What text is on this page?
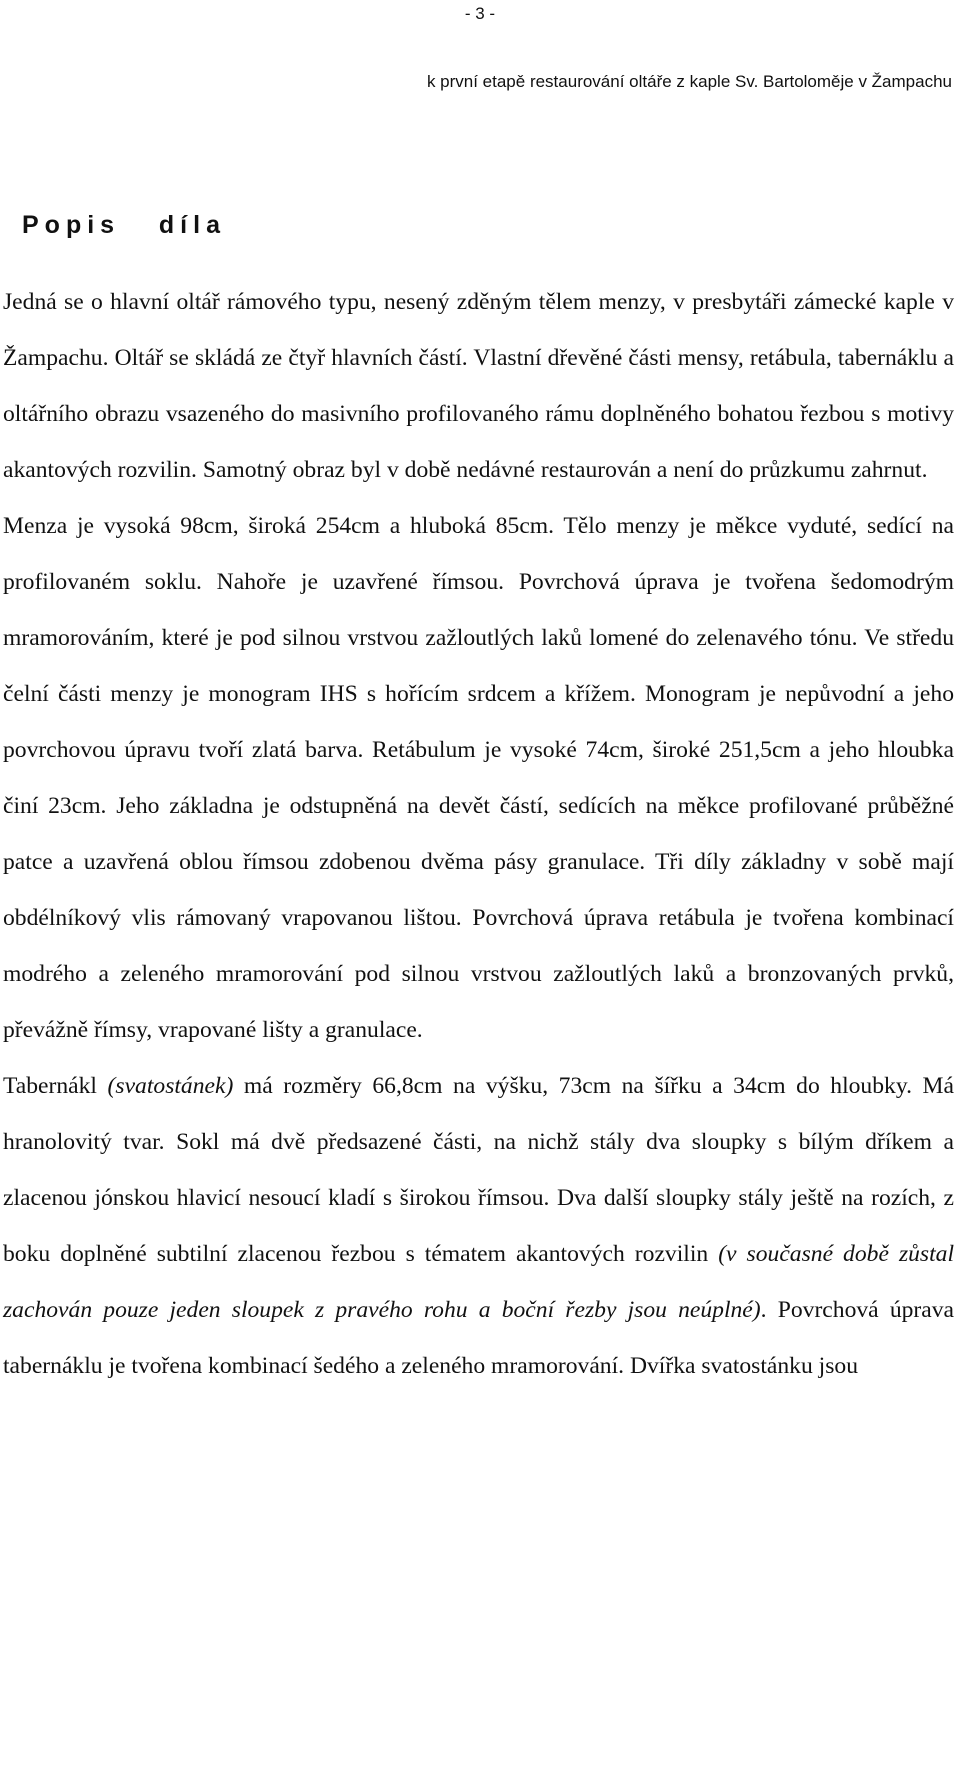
- 3 -
k první etapě restaurování oltáře z kaple Sv. Bartoloměje v Žampachu
Popis   díla

Jedná se o hlavní oltář rámového typu, nesený zděným tělem menzy, v presbytáři zámecké kaple v Žampachu. Oltář se skládá ze čtyř hlavních částí. Vlastní dřevěné části mensy, retábula, tabernáklu a oltářního obrazu vsazeného do masivního profilovaného rámu doplněného bohatou řezbou s motivy akantových rozvilin. Samotný obraz byl v době nedávné restaurován a není do průzkumu zahrnut.

Menza je vysoká 98cm, široká 254cm a hluboká 85cm. Tělo menzy je měkce vyduté, sedící na profilovaném soklu. Nahoře je uzavřené římsou. Povrchová úprava je tvořena šedomodrým mramorováním, které je pod silnou vrstvou zažloutlých laků lomené do zelenavého tónu. Ve středu čelní části menzy je monogram IHS s hořícím srdcem a křížem. Monogram je nepůvodní a jeho povrchovou úpravu tvoří zlatá barva. Retábulum je vysoké 74cm, široké 251,5cm a jeho hloubka činí 23cm. Jeho základna je odstupněná na devět částí, sedících na měkce profilované průběžné patce a uzavřená oblou římsou zdobenou dvěma pásy granulace. Tři díly základny v sobě mají obdélníkový vlis rámovaný vrapovanou lištou. Povrchová úprava retábula je tvořena kombinací modrého a zeleného mramorování pod silnou vrstvou zažloutlých laků a bronzovaných prvků, převážně římsy, vrapované lišty a granulace.

Tabernákl (svatostánek) má rozměry 66,8cm na výšku, 73cm na šířku a 34cm do hloubky. Má hranolovitý tvar. Sokl má dvě předsazené části, na nichž stály dva sloupky s bílým dříkem a zlacenou jónskou hlavicí nesoucí kladí s širokou římsou. Dva další sloupky stály ještě na rozích, z boku doplněné subtilní zlacenou řezbou s tématem akantových rozvilin (v současné době zůstal zachován pouze jeden sloupek z pravého rohu a boční řezby jsou neúplné). Povrchová úprava tabernáklu je tvořena kombinací šedého a zeleného mramorování. Dvířka svatostánku jsou
